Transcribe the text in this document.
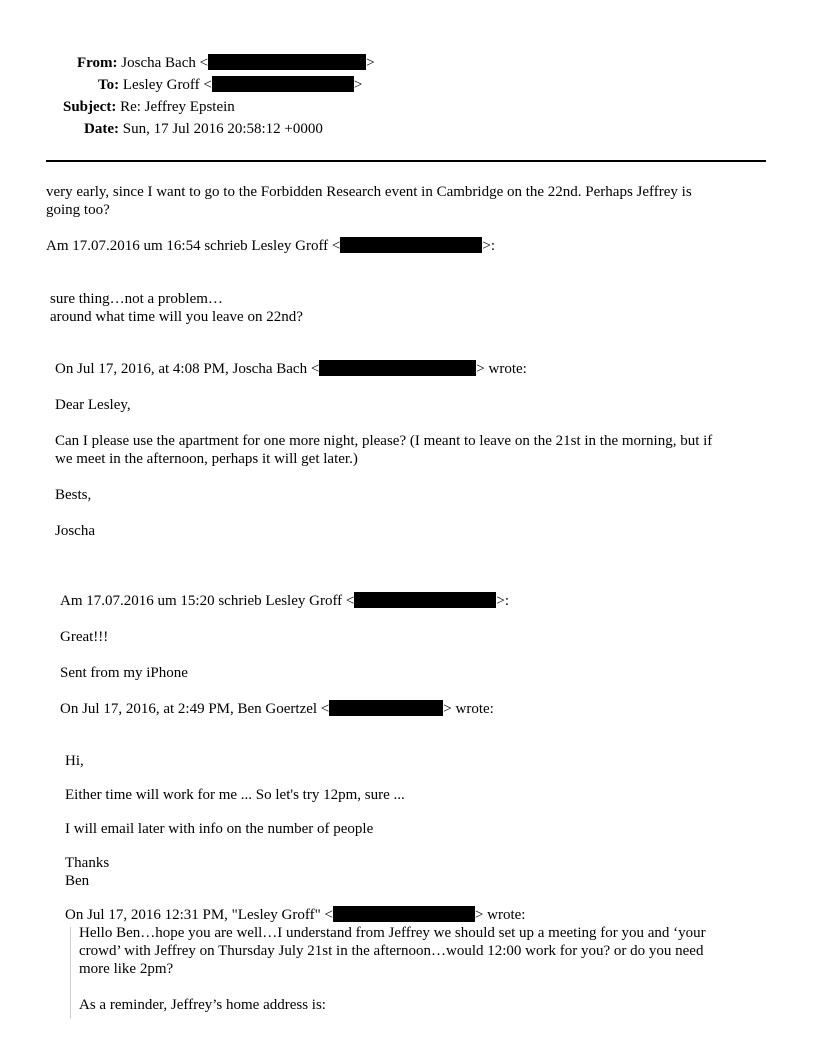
From: Joscha Bach <	>
To: Lesley Groff <	>
Subject: Re: Jeffrey Epstein
Date: Sun, 17 Jul 2016 20:58:12 +0000
very early, since I want to go to the Forbidden Research event in Cambridge on the 22nd. Perhaps Jeffrey is
going too?
Am 17.07.2016 um 16:54 schrieb Lesley Groff <	>:
sure thing…not a problem…
around what time will you leave on 22nd?
On Jul 17, 2016, at 4:08 PM, Joscha Bach <	> wrote:
Dear Lesley,
Can I please use the apartment for one more night, please? (I meant to leave on the 21st in the morning, but if
we meet in the afternoon, perhaps it will get later.)
Bests,
Joscha
Am 17.07.2016 um 15:20 schrieb Lesley Groff <	>:
Great!!!
Sent from my iPhone
On Jul 17, 2016, at 2:49 PM, Ben Goertzel <	> wrote:
Hi,
Either time will work for me ... So let's try 12pm, sure ...
I will email later with info on the number of people
Thanks
Ben
On Jul 17, 2016 12:31 PM, "Lesley Groff" <	> wrote:
Hello Ben…hope you are well…I understand from Jeffrey we should set up a meeting for you and ‘your
crowd’ with Jeffrey on Thursday July 21st in the afternoon…would 12:00 work for you? or do you need
more like 2pm?
As a reminder, Jeffrey’s home address is:
